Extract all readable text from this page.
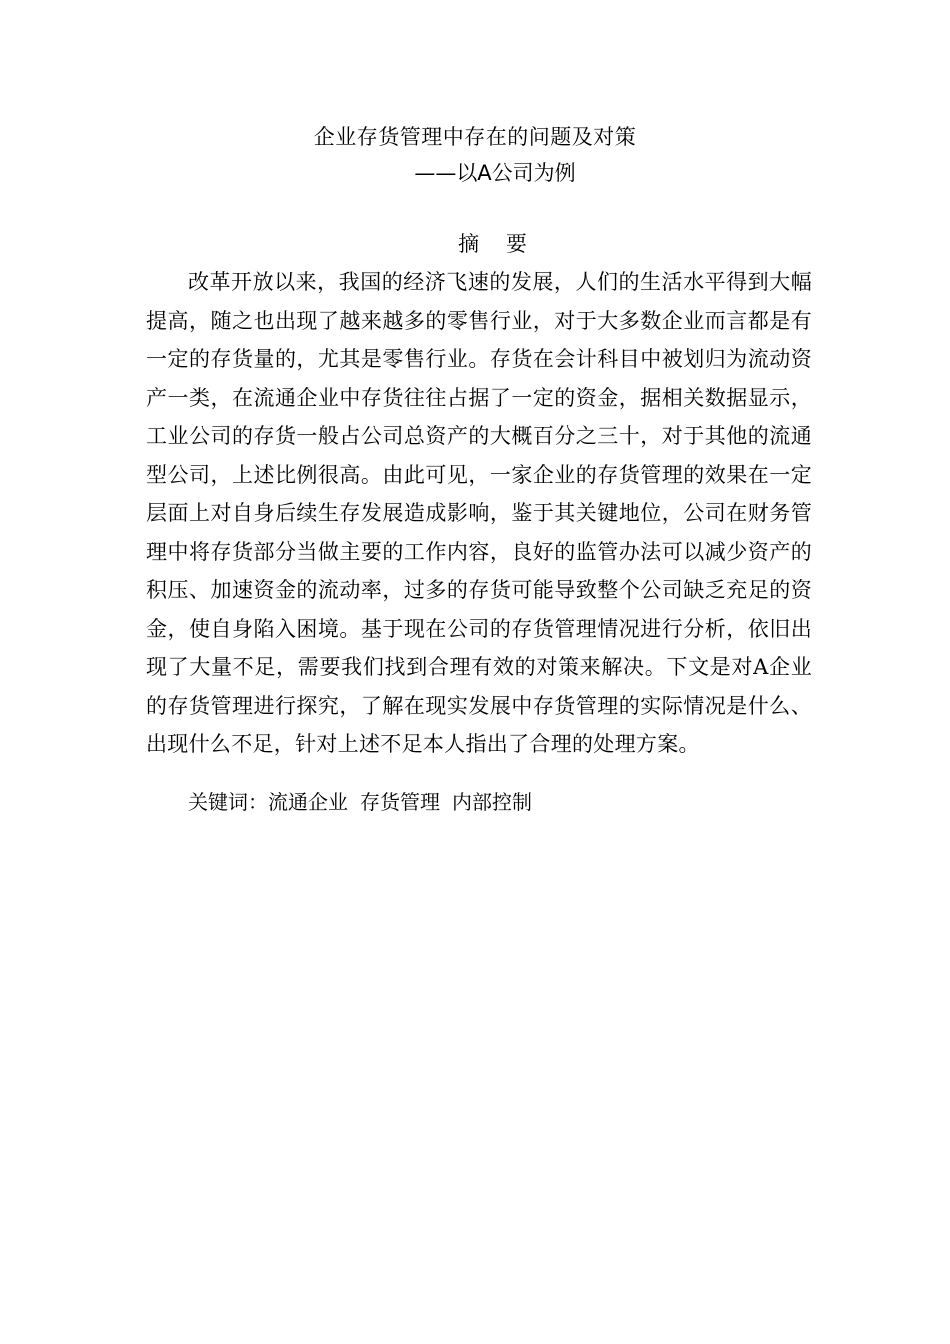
企业存货管理中存在的问题及对策
——以A公司为例
摘 要

改革开放以来，我国的经济飞速的发展，人们的生活水平得到大幅提高，随之也出现了越来越多的零售行业，对于大多数企业而言都是有一定的存货量的，尤其是零售行业。存货在会计科目中被划归为流动资产一类，在流通企业中存货往往占据了一定的资金，据相关数据显示，工业公司的存货一般占公司总资产的大概百分之三十，对于其他的流通型公司，上述比例很高。由此可见，一家企业的存货管理的效果在一定层面上对自身后续生存发展造成影响，鉴于其关键地位，公司在财务管理中将存货部分当做主要的工作内容，良好的监管办法可以减少资产的积压、加速资金的流动率，过多的存货可能导致整个公司缺乏充足的资金，使自身陷入困境。基于现在公司的存货管理情况进行分析，依旧出现了大量不足，需要我们找到合理有效的对策来解决。下文是对A企业的存货管理进行探究，了解在现实发展中存货管理的实际情况是什么、出现什么不足，针对上述不足本人指出了合理的处理方案。

关键词：流通企业 存货管理 内部控制
